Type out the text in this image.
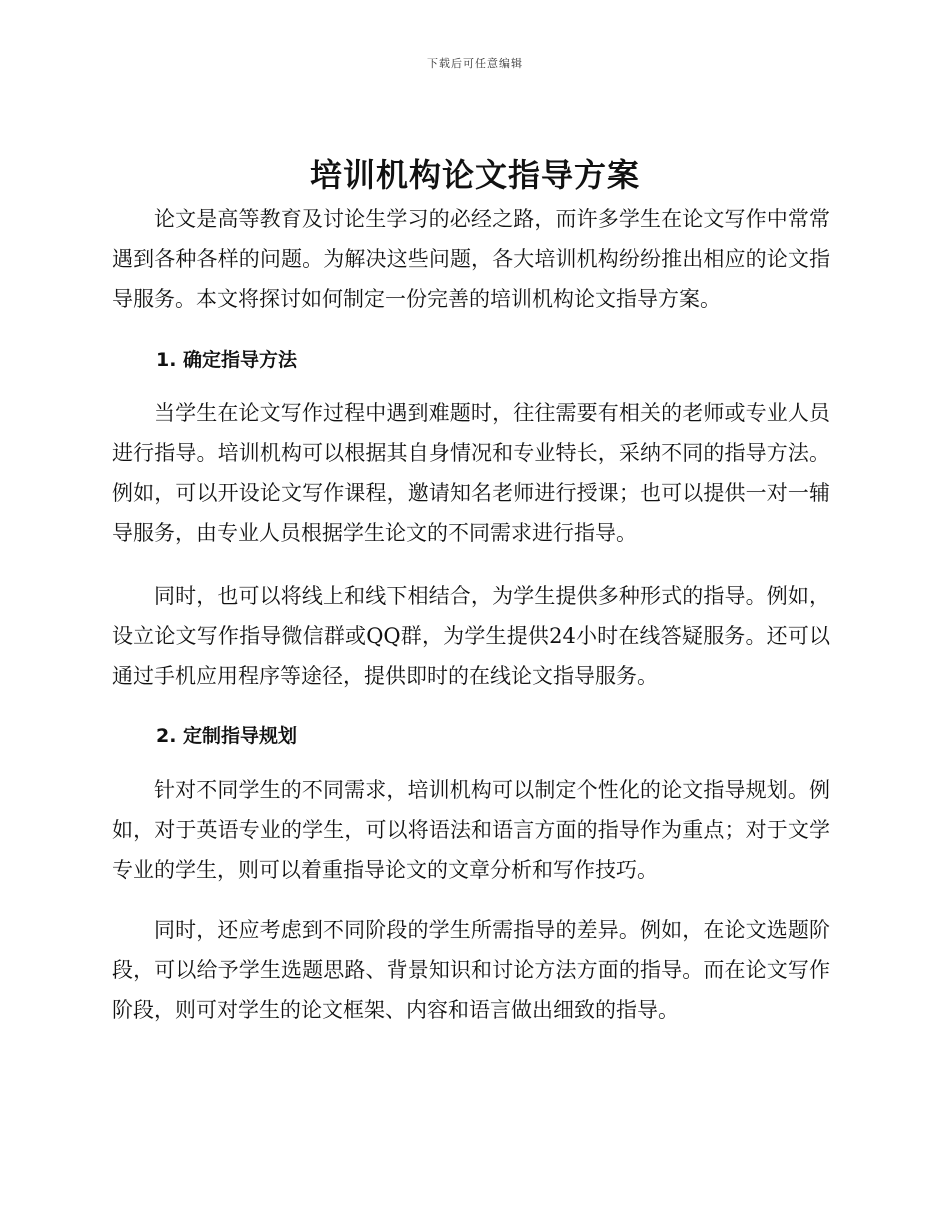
下载后可任意编辑
培训机构论文指导方案

论文是高等教育及讨论生学习的必经之路，而许多学生在论文写作中常常遇到各种各样的问题。为解决这些问题，各大培训机构纷纷推出相应的论文指导服务。本文将探讨如何制定一份完善的培训机构论文指导方案。

1. 确定指导方法

当学生在论文写作过程中遇到难题时，往往需要有相关的老师或专业人员进行指导。培训机构可以根据其自身情况和专业特长，采纳不同的指导方法。例如，可以开设论文写作课程，邀请知名老师进行授课；也可以提供一对一辅导服务，由专业人员根据学生论文的不同需求进行指导。

同时，也可以将线上和线下相结合，为学生提供多种形式的指导。例如，设立论文写作指导微信群或QQ群，为学生提供24小时在线答疑服务。还可以通过手机应用程序等途径，提供即时的在线论文指导服务。

2. 定制指导规划

针对不同学生的不同需求，培训机构可以制定个性化的论文指导规划。例如，对于英语专业的学生，可以将语法和语言方面的指导作为重点；对于文学专业的学生，则可以着重指导论文的文章分析和写作技巧。

同时，还应考虑到不同阶段的学生所需指导的差异。例如，在论文选题阶段，可以给予学生选题思路、背景知识和讨论方法方面的指导。而在论文写作阶段，则可对学生的论文框架、内容和语言做出细致的指导。
